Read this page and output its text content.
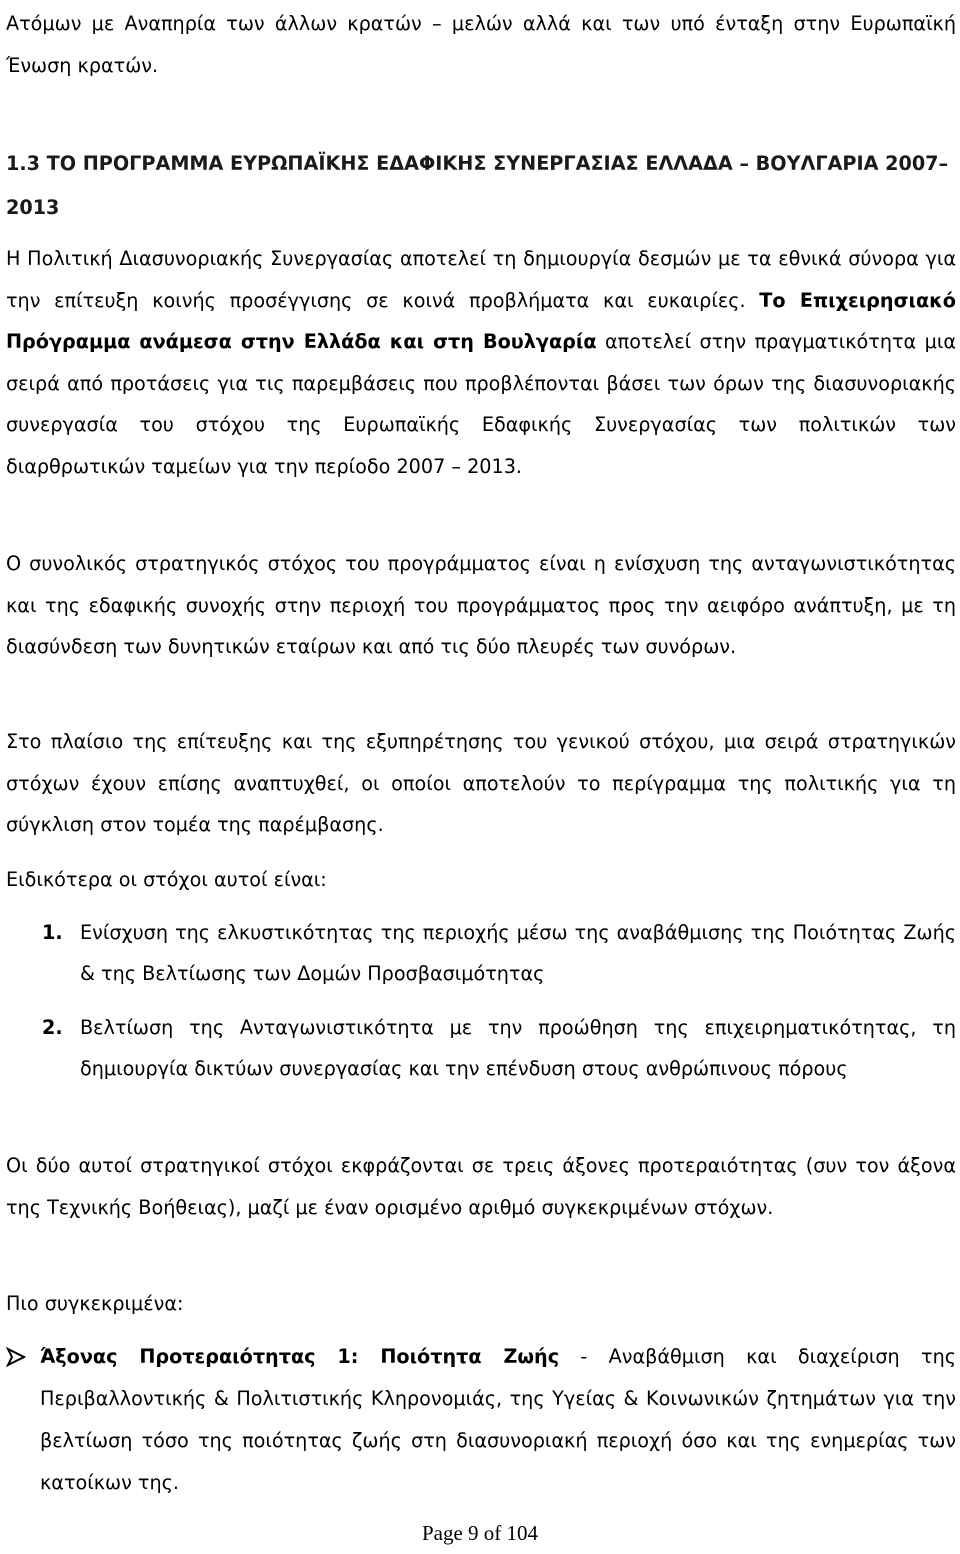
Ατόμων με Αναπηρία των άλλων κρατών – μελών αλλά και των υπό ένταξη στην Ευρωπαϊκή Ένωση κρατών.

1.3 ΤΟ ΠΡΟΓΡΑΜΜΑ ΕΥΡΩΠΑΪΚΗΣ ΕΔΑΦΙΚΗΣ ΣΥΝΕΡΓΑΣΙΑΣ ΕΛΛΑΔΑ – ΒΟΥΛΓΑΡΙΑ 2007–2013

Η Πολιτική Διασυνοριακής Συνεργασίας αποτελεί τη δημιουργία δεσμών με τα εθνικά σύνορα για την επίτευξη κοινής προσέγγισης σε κοινά προβλήματα και ευκαιρίες. Το Επιχειρησιακό Πρόγραμμα ανάμεσα στην Ελλάδα και στη Βουλγαρία αποτελεί στην πραγματικότητα μια σειρά από προτάσεις για τις παρεμβάσεις που προβλέπονται βάσει των όρων της διασυνοριακής συνεργασία του στόχου της Ευρωπαϊκής Εδαφικής Συνεργασίας των πολιτικών των διαρθρωτικών ταμείων για την περίοδο 2007 – 2013.

Ο συνολικός στρατηγικός στόχος του προγράμματος είναι η ενίσχυση της ανταγωνιστικότητας και της εδαφικής συνοχής στην περιοχή του προγράμματος προς την αειφόρο ανάπτυξη, με τη διασύνδεση των δυνητικών εταίρων και από τις δύο πλευρές των συνόρων.

Στο πλαίσιο της επίτευξης και της εξυπηρέτησης του γενικού στόχου, μια σειρά στρατηγικών στόχων έχουν επίσης αναπτυχθεί, οι οποίοι αποτελούν το περίγραμμα της πολιτικής για τη σύγκλιση στον τομέα της παρέμβασης.

Ειδικότερα οι στόχοι αυτοί είναι:

1. Ενίσχυση της ελκυστικότητας της περιοχής μέσω της αναβάθμισης της Ποιότητας Ζωής & της Βελτίωσης των Δομών Προσβασιμότητας

2. Βελτίωση της Ανταγωνιστικότητα με την προώθηση της επιχειρηματικότητας, τη δημιουργία δικτύων συνεργασίας και την επένδυση στους ανθρώπινους πόρους

Οι δύο αυτοί στρατηγικοί στόχοι εκφράζονται σε τρεις άξονες προτεραιότητας (συν τον άξονα της Τεχνικής Βοήθειας), μαζί με έναν ορισμένο αριθμό συγκεκριμένων στόχων.

Πιο συγκεκριμένα:

Άξονας Προτεραιότητας 1: Ποιότητα Ζωής - Αναβάθμιση και διαχείριση της Περιβαλλοντικής & Πολιτιστικής Κληρονομιάς, της Υγείας & Κοινωνικών ζητημάτων για την βελτίωση τόσο της ποιότητας ζωής στη διασυνοριακή περιοχή όσο και της ενημερίας των κατοίκων της.

Page 9 of 104
